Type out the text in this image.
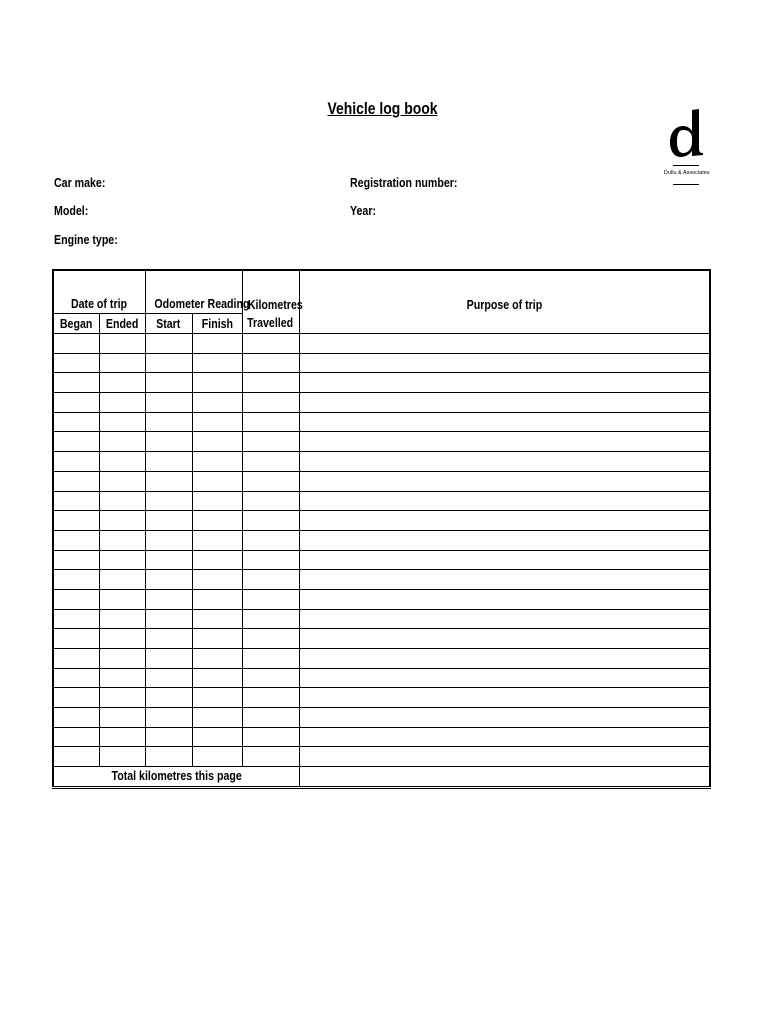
Vehicle log book
Dullu & Associates
Car make:	Registration number:
Model:	Year:
Engine type:
Date of trip		Odometer Reading		Kilometres	Purpose of trip
Began	Ended	Start	Finish	Travelled	

Total kilometres this page					
